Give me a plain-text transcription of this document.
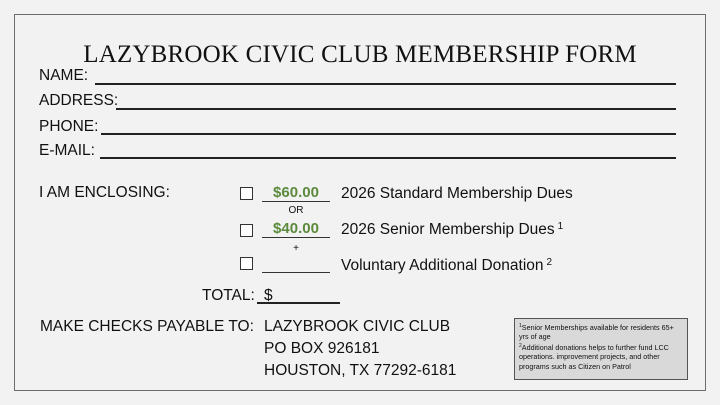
LAZYBROOK CIVIC CLUB MEMBERSHIP FORM
NAME:
ADDRESS:
PHONE:
E-MAIL:
I AM ENCLOSING:	$60.00	2026 Standard Membership Dues
OR
$40.00	2026 Senior Membership Dues $^1$
+
Voluntary Additional Donation $^2$
TOTAL: $
MAKE CHECKS PAYABLE TO: LAZYBROOK CIVIC CLUB
PO BOX 926181
HOUSTON, TX 77292-6181
$^1$Senior Memberships available for residents 65+ yrs of age
$^2$Additional donations helps to further fund LCC operations. improvement projects, and other programs such as Citizen on Patrol
